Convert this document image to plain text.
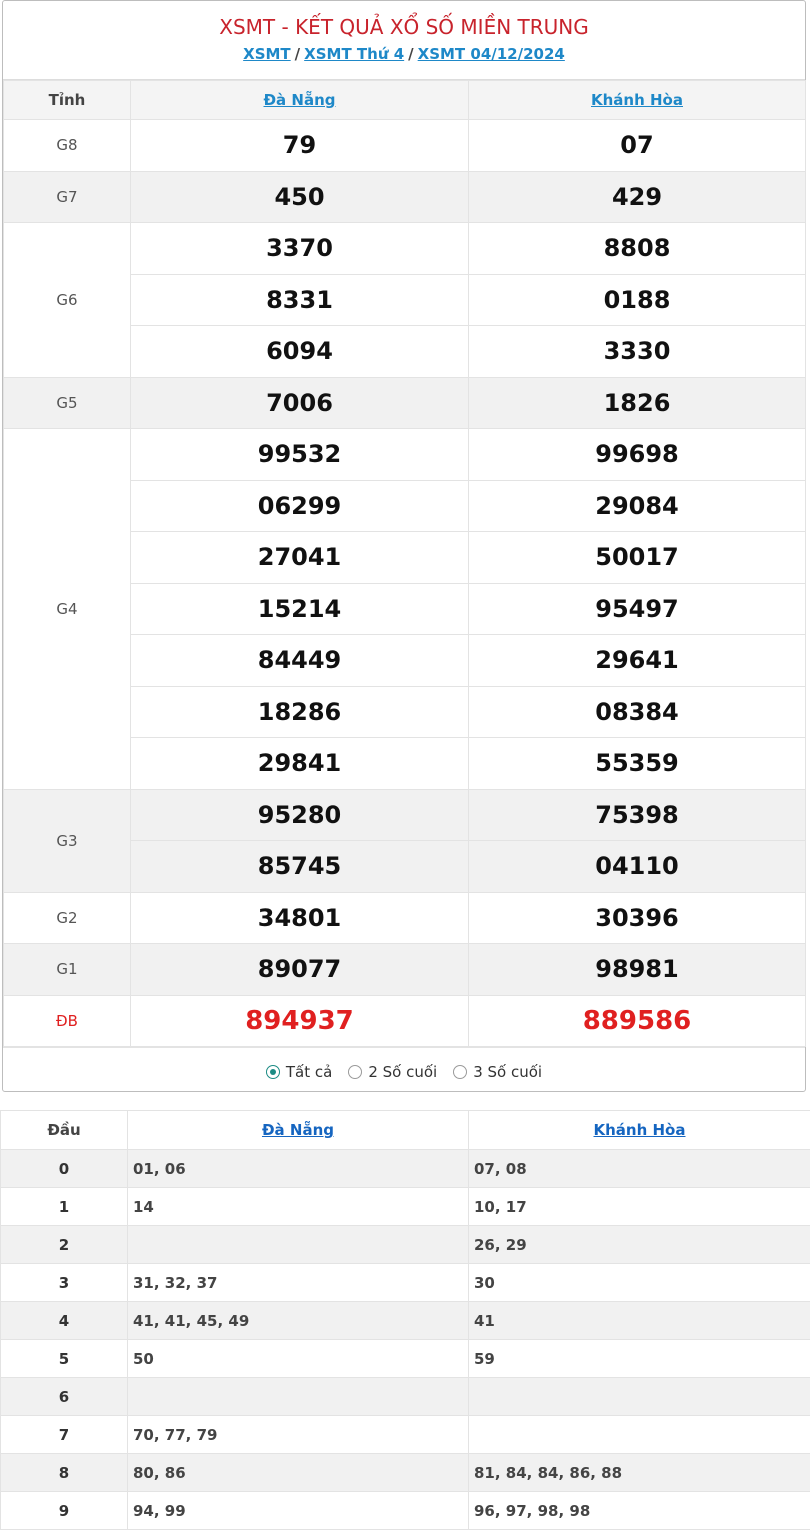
XSMT - KẾT QUẢ XỔ SỐ MIỀN TRUNG
XSMT / XSMT Thứ 4 / XSMT 04/12/2024
Tỉnh	Đà Nẵng	Khánh Hòa
G8	79	07
G7	450	429
G6	3370	8808
	8331	0188
	6094	3330
G5	7006	1826
G4	99532	99698
	06299	29084
	27041	50017
	15214	95497
	84449	29641
	18286	08384
	29841	55359
G3	95280	75398
	85745	04110
G2	34801	30396
G1	89077	98981
ĐB	894937	889586
Tất cả 2 Số cuối 3 Số cuối
Đầu	Đà Nẵng	Khánh Hòa
0	01, 06	07, 08
1	14	10, 17
2		26, 29
3	31, 32, 37	30
4	41, 41, 45, 49	41
5	50	59
6		
7	70, 77, 79	
8	80, 86	81, 84, 84, 86, 88
9	94, 99	96, 97, 98, 98
